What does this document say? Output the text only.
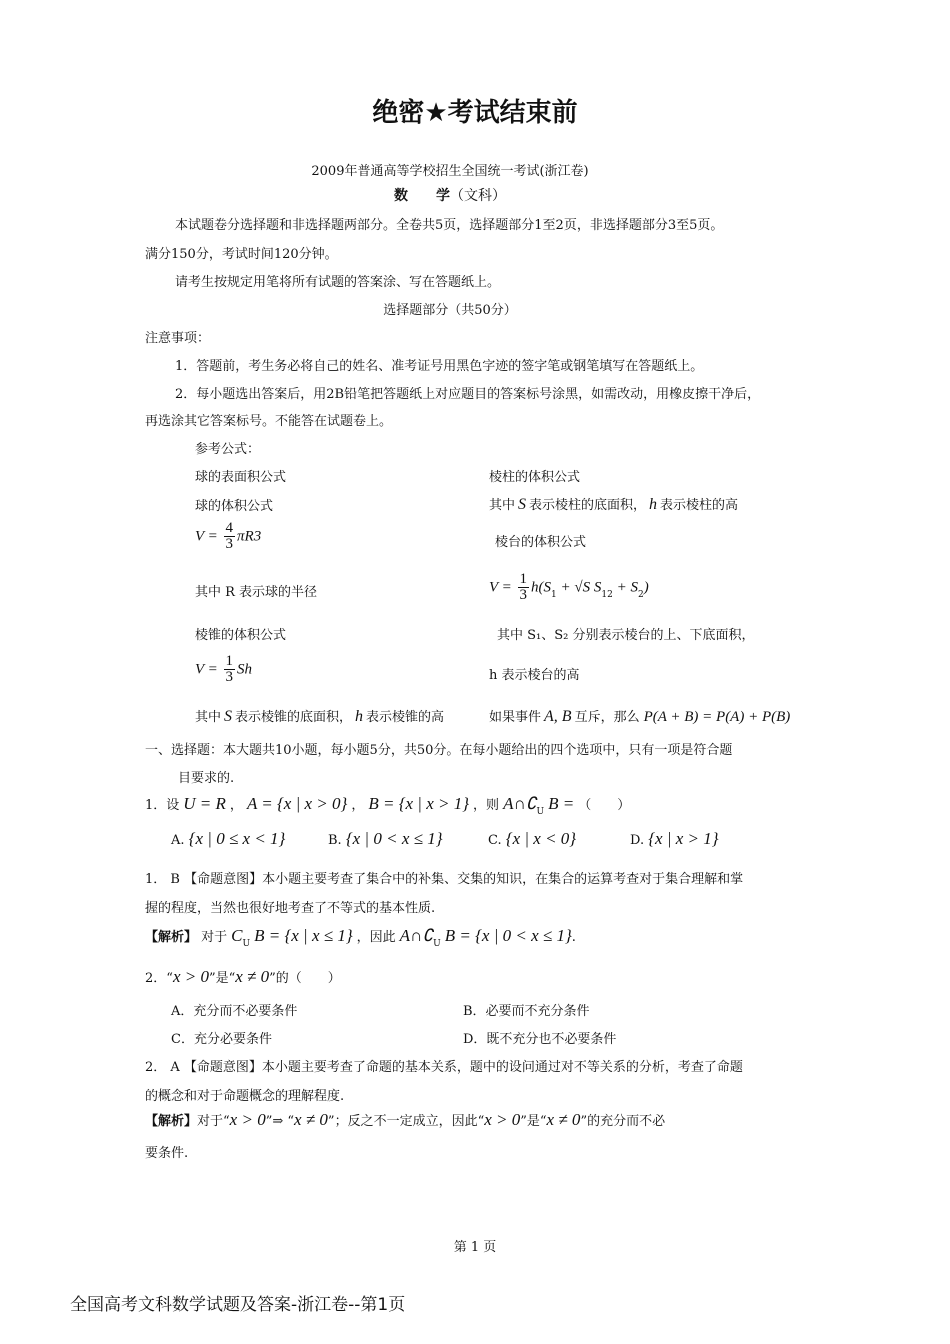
绝密★考试结束前
2009年普通高等学校招生全国统一考试(浙江卷)
数　　学（文科）
本试题卷分选择题和非选择题两部分。全卷共5页，选择题部分1至2页，非选择题部分3至5页。
满分150分，考试时间120分钟。
请考生按规定用笔将所有试题的答案涂、写在答题纸上。
选择题部分（共50分）
注意事项：
1．答题前，考生务必将自己的姓名、准考证号用黑色字迹的签字笔或钢笔填写在答题纸上。
2．每小题选出答案后，用2B铅笔把答题纸上对应题目的答案标号涂黑，如需改动，用橡皮擦干净后，
再选涂其它答案标号。不能答在试题卷上。
参考公式：
球的表面积公式	棱柱的体积公式
球的体积公式	其中 S 表示棱柱的底面积， h 表示棱柱的高
$V = \frac{4}{3} \pi R3$	棱台的体积公式
其中 R 表示球的半径	$V = \frac{1}{3} h(S_1 + √S$ $S_{12} + S_2$)
棱锥的体积公式	其中 S₁、S₂ 分别表示棱台的上、下底面积，
$V = \frac{1}{3}$ Sh	h 表示棱台的高
其中 S 表示棱锥的底面积， h 表示棱锥的高	如果事件 A, B 互斥，那么 P(A + B) = P(A) + P(B)
一、选择题：本大题共10小题，每小题5分，共50分。在每小题给出的四个选项中，只有一项是符合题
目要求的.
1．设 U = R ， A = {x | x > 0} ， B = {x | x > 1} ，则 $A\cap∁_U$ B = （　　）
A. {x | 0 ≤ x < 1}	B. {x | 0 < x ≤ 1}	C. {x | x < 0}	D. {x | x > 1}
1． B 【命题意图】本小题主要考查了集合中的补集、交集的知识，在集合的运算考查对于集合理解和掌
握的程度，当然也很好地考查了不等式的基本性质.
【解析】 对于 $C_U$ B = {x | x ≤ 1} ，因此 $A\cap∁_U$ B = {x | 0 < x ≤ 1}.
2．“x > 0”是“x ≠ 0”的（　　）
A．充分而不必要条件	B．必要而不充分条件
C．充分必要条件	D．既不充分也不必要条件
2． A 【命题意图】本小题主要考查了命题的基本关系，题中的设问通过对不等关系的分析，考查了命题
的概念和对于命题概念的理解程度.
【解析】对于“x > 0”⇒ “x ≠ 0”；反之不一定成立，因此“x > 0”是“x ≠ 0”的充分而不必
要条件.
第 1 页
全国高考文科数学试题及答案-浙江卷--第1页
